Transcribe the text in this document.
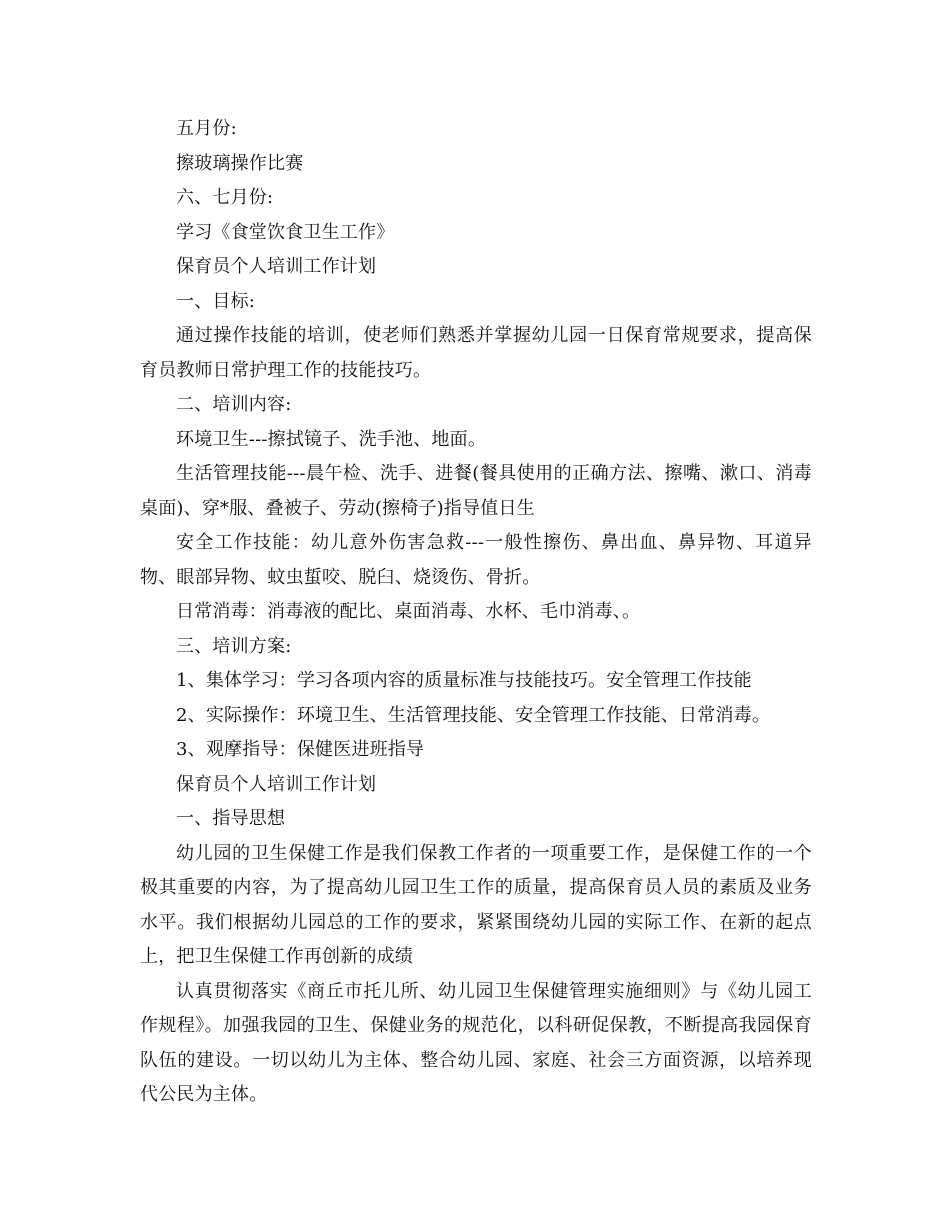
五月份:

擦玻璃操作比赛

六、七月份:

学习《食堂饮食卫生工作》

保育员个人培训工作计划

一、目标:

通过操作技能的培训，使老师们熟悉并掌握幼儿园一日保育常规要求，提高保育员教师日常护理工作的技能技巧。

二、培训内容:

环境卫生---擦拭镜子、洗手池、地面。

生活管理技能---晨午检、洗手、进餐(餐具使用的正确方法、擦嘴、漱口、消毒桌面)、穿*服、叠被子、劳动(擦椅子)指导值日生

安全工作技能：幼儿意外伤害急救---一般性擦伤、鼻出血、鼻异物、耳道异物、眼部异物、蚊虫蜇咬、脱臼、烧烫伤、骨折。

日常消毒：消毒液的配比、桌面消毒、水杯、毛巾消毒、。

三、培训方案:

1、集体学习：学习各项内容的质量标准与技能技巧。安全管理工作技能

2、实际操作：环境卫生、生活管理技能、安全管理工作技能、日常消毒。

3、观摩指导：保健医进班指导

保育员个人培训工作计划

一、指导思想

幼儿园的卫生保健工作是我们保教工作者的一项重要工作，是保健工作的一个极其重要的内容，为了提高幼儿园卫生工作的质量，提高保育员人员的素质及业务水平。我们根据幼儿园总的工作的要求，紧紧围绕幼儿园的实际工作、在新的起点上，把卫生保健工作再创新的成绩

认真贯彻落实《商丘市托儿所、幼儿园卫生保健管理实施细则》与《幼儿园工作规程》。加强我园的卫生、保健业务的规范化，以科研促保教，不断提高我园保育队伍的建设。一切以幼儿为主体、整合幼儿园、家庭、社会三方面资源，以培养现代公民为主体。
